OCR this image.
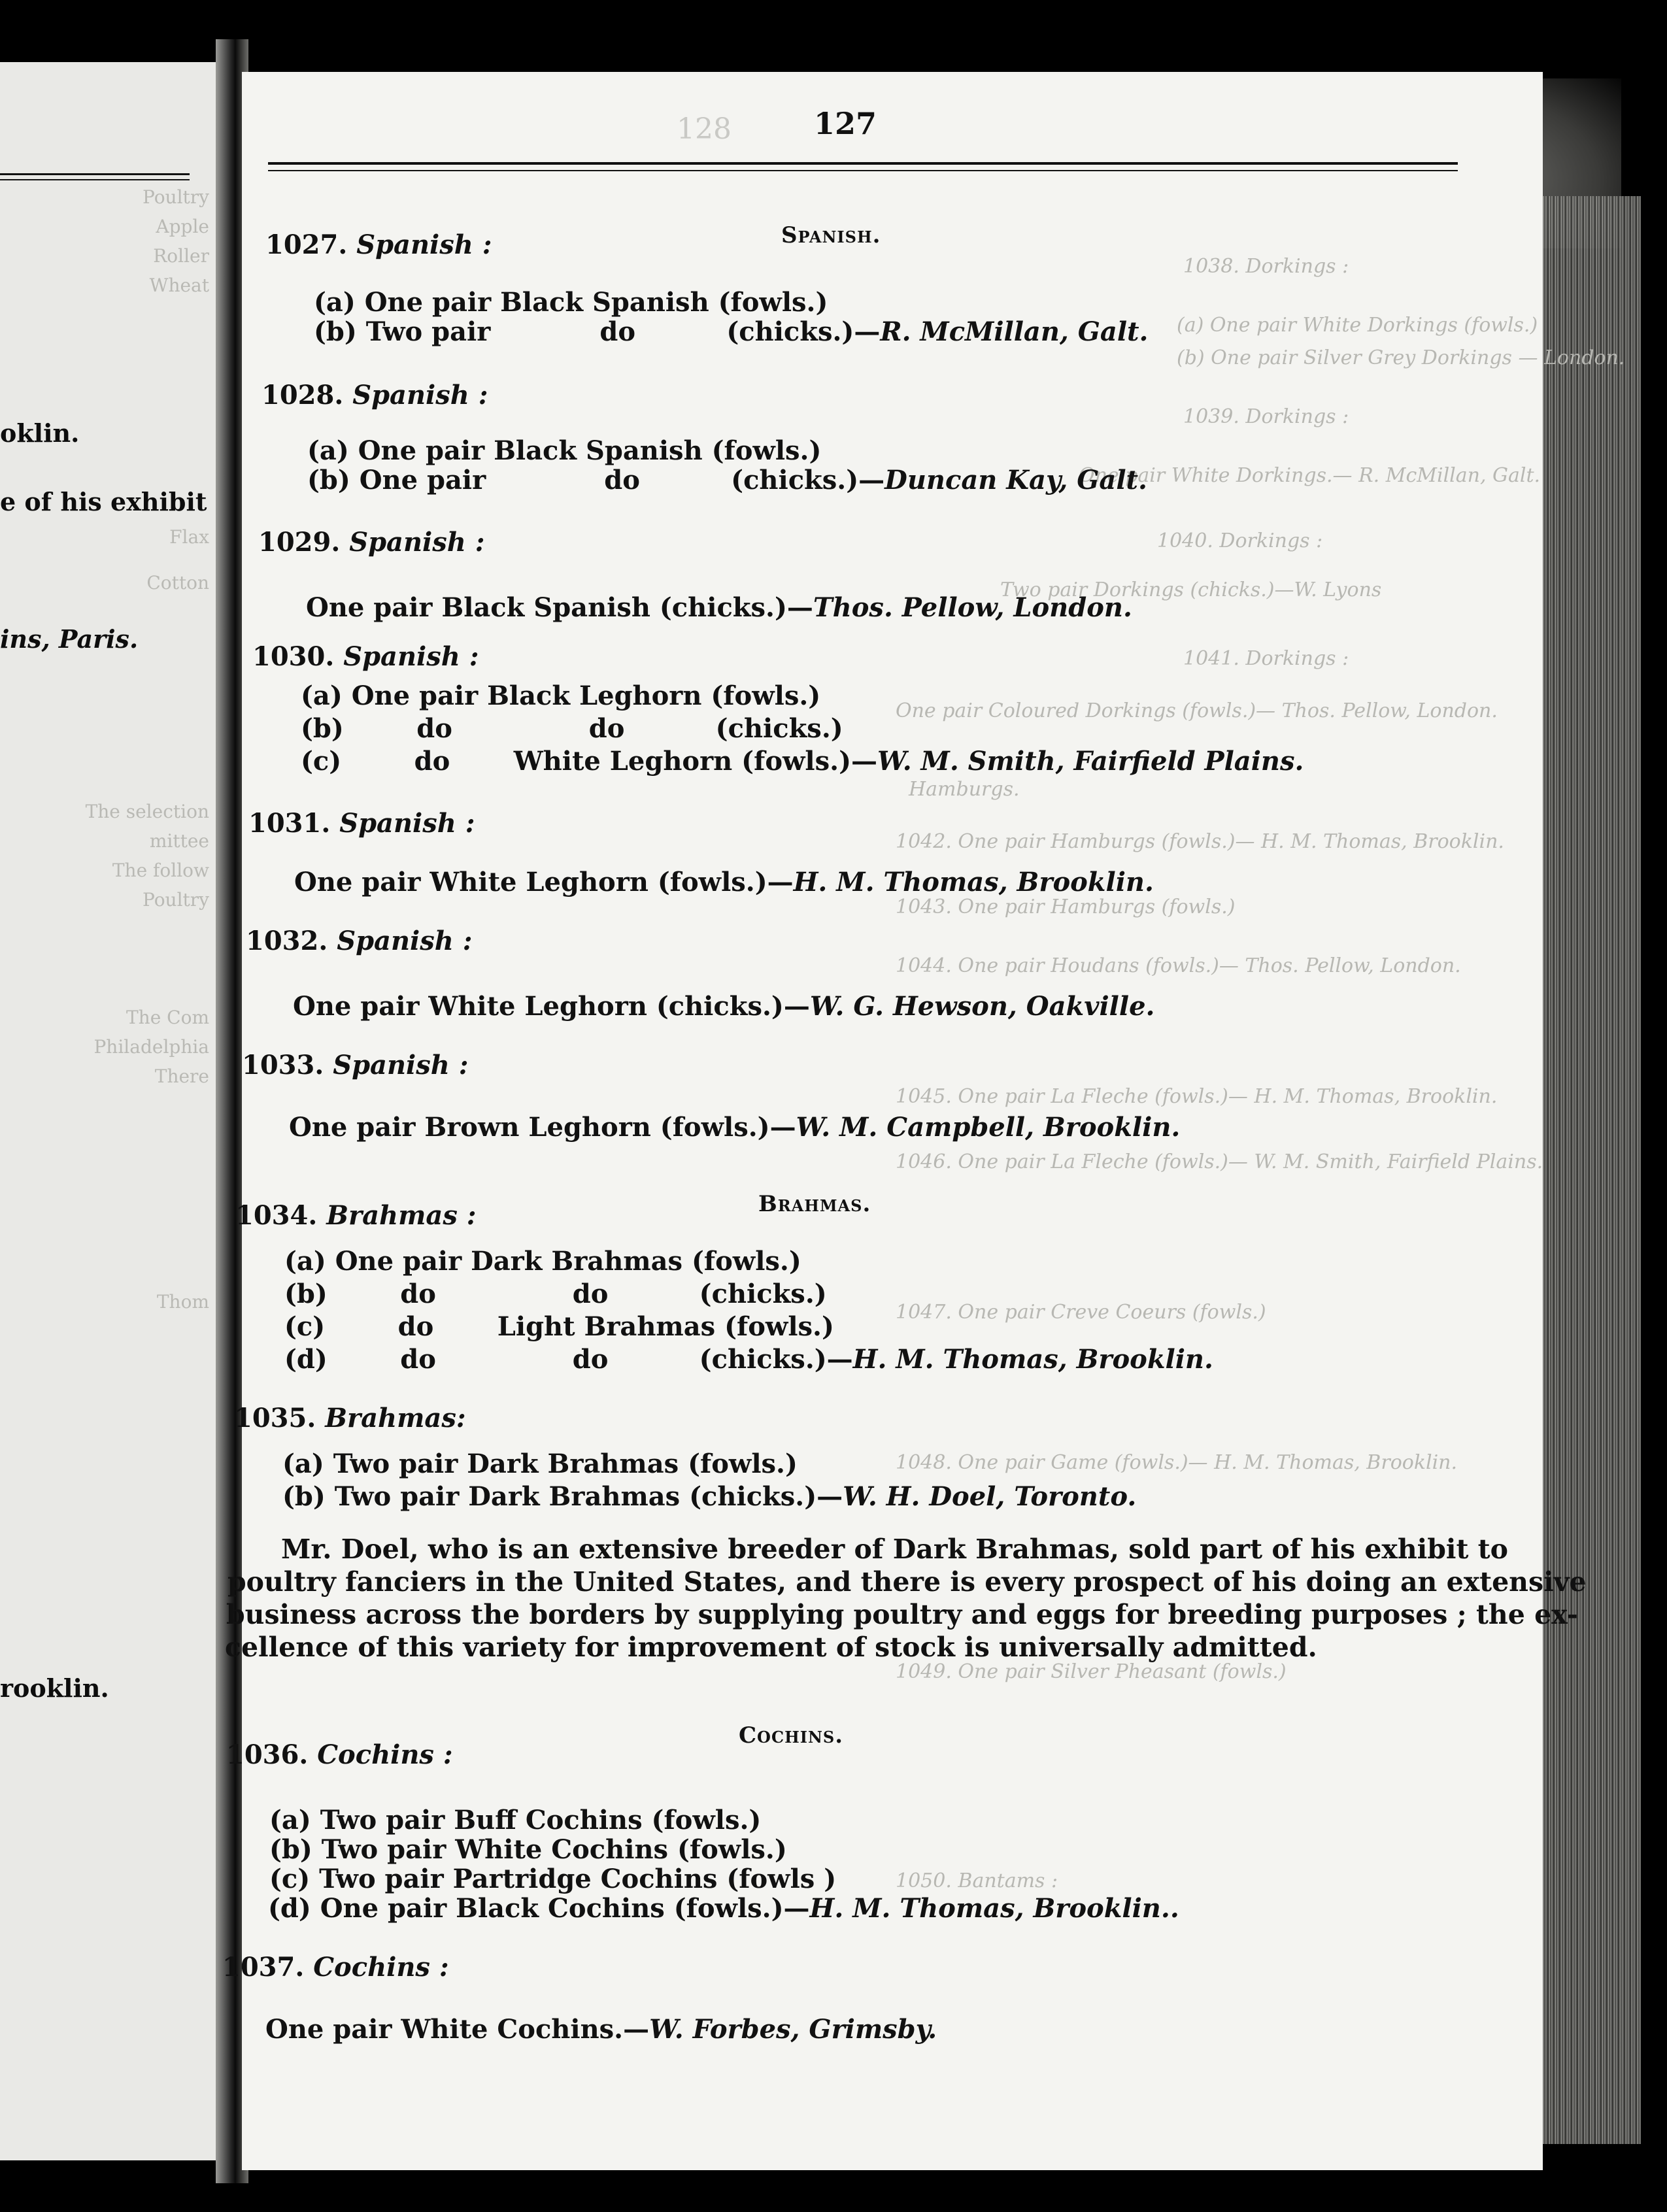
Poultry
Apple
Roller
Wheat
oklin.
e of his exhibit
Flax
Cotton
ins, Paris.
The selection
mittee
The follow
Poultry
The Com
Philadelphia
There
Thom
rooklin.
128	127
1038. Dorkings :
(a) One pair White Dorkings (fowls.)
(b) One pair Silver Grey Dorkings — London.
1039. Dorkings :
One pair White Dorkings.— R. McMillan, Galt.
1040. Dorkings :
Two pair Dorkings (chicks.)—W. Lyons
1041. Dorkings :
One pair Coloured Dorkings (fowls.)— Thos. Pellow, London.
Hamburgs.
1042. One pair Hamburgs (fowls.)— H. M. Thomas, Brooklin.
1043. One pair Hamburgs (fowls.)
1044. One pair Houdans (fowls.)— Thos. Pellow, London.
1045. One pair La Fleche (fowls.)— H. M. Thomas, Brooklin.
1046. One pair La Fleche (fowls.)— W. M. Smith, Fairfield Plains.
1047. One pair Creve Coeurs (fowls.)
1048. One pair Game (fowls.)— H. M. Thomas, Brooklin.
1049. One pair Silver Pheasant (fowls.)
1050. Bantams :
Spanish.
1027. Spanish :
(a) One pair Black Spanish (fowls.)
(b) Two pair            do          (chicks.)—R. McMillan, Galt.
1028. Spanish :
(a) One pair Black Spanish (fowls.)
(b) One pair             do          (chicks.)—Duncan Kay, Galt.
1029. Spanish :
One pair Black Spanish (chicks.)—Thos. Pellow, London.
1030. Spanish :
(a) One pair Black Leghorn (fowls.)
(b)        do               do          (chicks.)
(c)        do       White Leghorn (fowls.)—W. M. Smith, Fairfield Plains.
1031. Spanish :
One pair White Leghorn (fowls.)—H. M. Thomas, Brooklin.
1032. Spanish :
One pair White Leghorn (chicks.)—W. G. Hewson, Oakville.
1033. Spanish :
One pair Brown Leghorn (fowls.)—W. M. Campbell, Brooklin.
Brahmas.
1034. Brahmas :
(a) One pair Dark Brahmas (fowls.)
(b)        do               do          (chicks.)
(c)        do       Light Brahmas (fowls.)
(d)        do               do          (chicks.)—H. M. Thomas, Brooklin.
1035. Brahmas:
(a) Two pair Dark Brahmas (fowls.)
(b) Two pair Dark Brahmas (chicks.)—W. H. Doel, Toronto.
Mr. Doel, who is an extensive breeder of Dark Brahmas, sold part of his exhibit to
poultry fanciers in the United States, and there is every prospect of his doing an extensive
business across the borders by supplying poultry and eggs for breeding purposes ; the ex-
cellence of this variety for improvement of stock is universally admitted.
Cochins.
1036. Cochins :
(a) Two pair Buff Cochins (fowls.)
(b) Two pair White Cochins (fowls.)
(c) Two pair Partridge Cochins (fowls )
(d) One pair Black Cochins (fowls.)—H. M. Thomas, Brooklin..
1037. Cochins :
One pair White Cochins.—W. Forbes, Grimsby.
